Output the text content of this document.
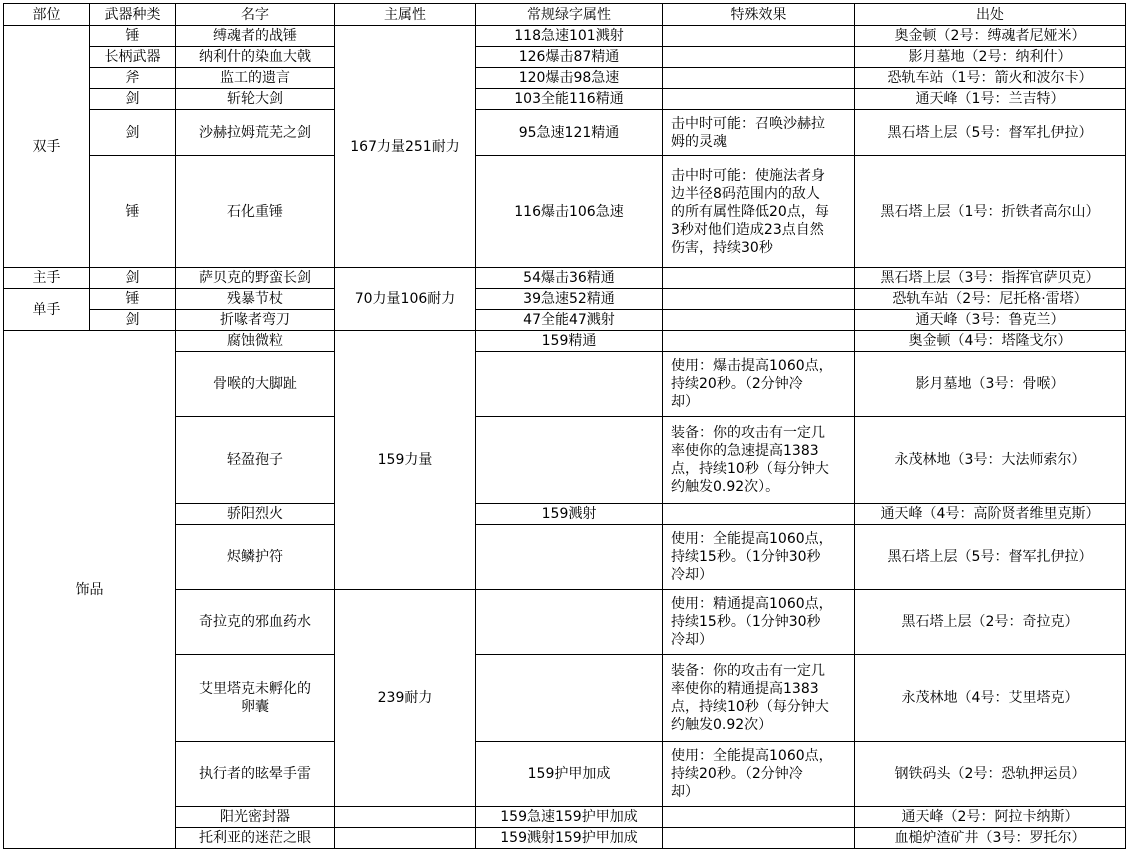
部位	武器种类	名字	主属性	常规绿字属性	特殊效果	出处
双手	锤	缚魂者的战锤	167力量251耐力	118急速101溅射		奥金顿（2号：缚魂者尼娅米）
	长柄武器	纳利什的染血大戟		126爆击87精通		影月墓地（2号：纳利什）
	斧	监工的遗言		120爆击98急速		恐轨车站（1号：箭火和波尔卡）
	剑	斩轮大剑		103全能116精通		通天峰（1号：兰吉特）
	剑	沙赫拉姆荒芜之剑		95急速121精通	击中时可能：召唤沙赫拉
姆的灵魂	黑石塔上层（5号：督军扎伊拉）
	锤	石化重锤		116爆击106急速	击中时可能：使施法者身
边半径8码范围内的敌人
的所有属性降低20点，每
3秒对他们造成23点自然
伤害，持续30秒	黑石塔上层（1号：折铁者高尔山）
主手	剑	萨贝克的野蛮长剑	70力量106耐力	54爆击36精通		黑石塔上层（3号：指挥官萨贝克）
单手	锤	残暴节杖		39急速52精通		恐轨车站（2号：尼托格·雷塔）
	剑	折喙者弯刀		47全能47溅射		通天峰（3号：鲁克兰）
饰品		腐蚀微粒	159力量	159精通		奥金顿（4号：塔隆戈尔）
		骨喉的大脚趾			使用：爆击提高1060点，
持续20秒。（2分钟冷
却）	影月墓地（3号：骨喉）
		轻盈孢子			装备：你的攻击有一定几
率使你的急速提高1383
点，持续10秒（每分钟大
约触发0.92次）。	永茂林地（3号：大法师索尔）
		骄阳烈火		159溅射		通天峰（4号：高阶贤者维里克斯）
		烬鳞护符			使用：全能提高1060点，
持续15秒。（1分钟30秒
冷却）	黑石塔上层（5号：督军扎伊拉）
		奇拉克的邪血药水	239耐力		使用：精通提高1060点，
持续15秒。（1分钟30秒
冷却）	黑石塔上层（2号：奇拉克）

		艾里塔克未孵化的
卵囊			装备：你的攻击有一定几
率使你的精通提高1383
点，持续10秒（每分钟大
约触发0.92次）	永茂林地（4号：艾里塔克）
		执行者的眩晕手雷		159护甲加成	使用：全能提高1060点，
持续20秒。（2分钟冷
却）	钢铁码头（2号：恐轨押运员）
		阳光密封器		159急速159护甲加成		通天峰（2号：阿拉卡纳斯）
		托利亚的迷茫之眼		159溅射159护甲加成		血槌炉渣矿井（3号：罗托尔）
